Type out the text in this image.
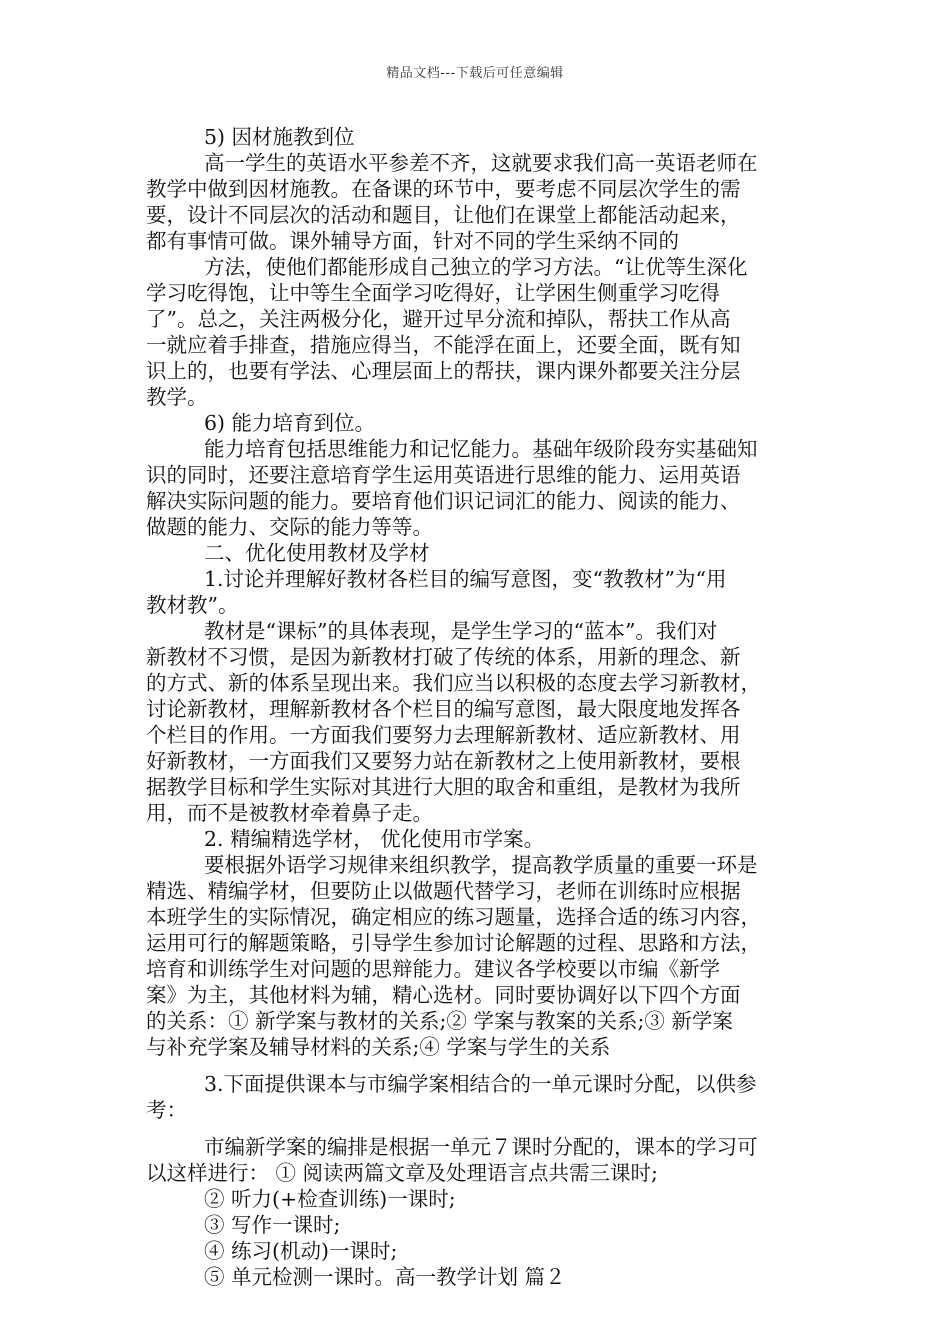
精品文档---下载后可任意编辑
5) 因材施教到位
高一学生的英语水平参差不齐，这就要求我们高一英语老师在
教学中做到因材施教。在备课的环节中，要考虑不同层次学生的需
要，设计不同层次的活动和题目，让他们在课堂上都能活动起来，
都有事情可做。课外辅导方面，针对不同的学生采纳不同的
方法，使他们都能形成自己独立的学习方法。“让优等生深化
学习吃得饱，让中等生全面学习吃得好，让学困生侧重学习吃得
了”。总之，关注两极分化，避开过早分流和掉队，帮扶工作从高
一就应着手排查，措施应得当，不能浮在面上，还要全面，既有知
识上的，也要有学法、心理层面上的帮扶，课内课外都要关注分层
教学。
6) 能力培育到位。
能力培育包括思维能力和记忆能力。基础年级阶段夯实基础知
识的同时，还要注意培育学生运用英语进行思维的能力、运用英语
解决实际问题的能力。要培育他们识记词汇的能力、阅读的能力、
做题的能力、交际的能力等等。
二、优化使用教材及学材
1.讨论并理解好教材各栏目的编写意图，变“教教材”为“用
教材教”。
教材是“课标”的具体表现，是学生学习的“蓝本”。我们对
新教材不习惯，是因为新教材打破了传统的体系，用新的理念、新
的方式、新的体系呈现出来。我们应当以积极的态度去学习新教材，
讨论新教材，理解新教材各个栏目的编写意图，最大限度地发挥各
个栏目的作用。一方面我们要努力去理解新教材、适应新教材、用
好新教材，一方面我们又要努力站在新教材之上使用新教材，要根
据教学目标和学生实际对其进行大胆的取舍和重组，是教材为我所
用，而不是被教材牵着鼻子走。
2. 精编精选学材， 优化使用市学案。
要根据外语学习规律来组织教学，提高教学质量的重要一环是
精选、精编学材，但要防止以做题代替学习，老师在训练时应根据
本班学生的实际情况，确定相应的练习题量，选择合适的练习内容，
运用可行的解题策略，引导学生参加讨论解题的过程、思路和方法，
培育和训练学生对问题的思辩能力。建议各学校要以市编《新学
案》为主，其他材料为辅，精心选材。同时要协调好以下四个方面
的关系：① 新学案与教材的关系;② 学案与教案的关系;③ 新学案
与补充学案及辅导材料的关系;④ 学案与学生的关系
3.下面提供课本与市编学案相结合的一单元课时分配，以供参
考：
市编新学案的编排是根据一单元７课时分配的，课本的学习可
以这样进行： ① 阅读两篇文章及处理语言点共需三课时;
② 听力(+检查训练)一课时;
③ 写作一课时;
④ 练习(机动)一课时;
⑤ 单元检测一课时。高一教学计划 篇２
